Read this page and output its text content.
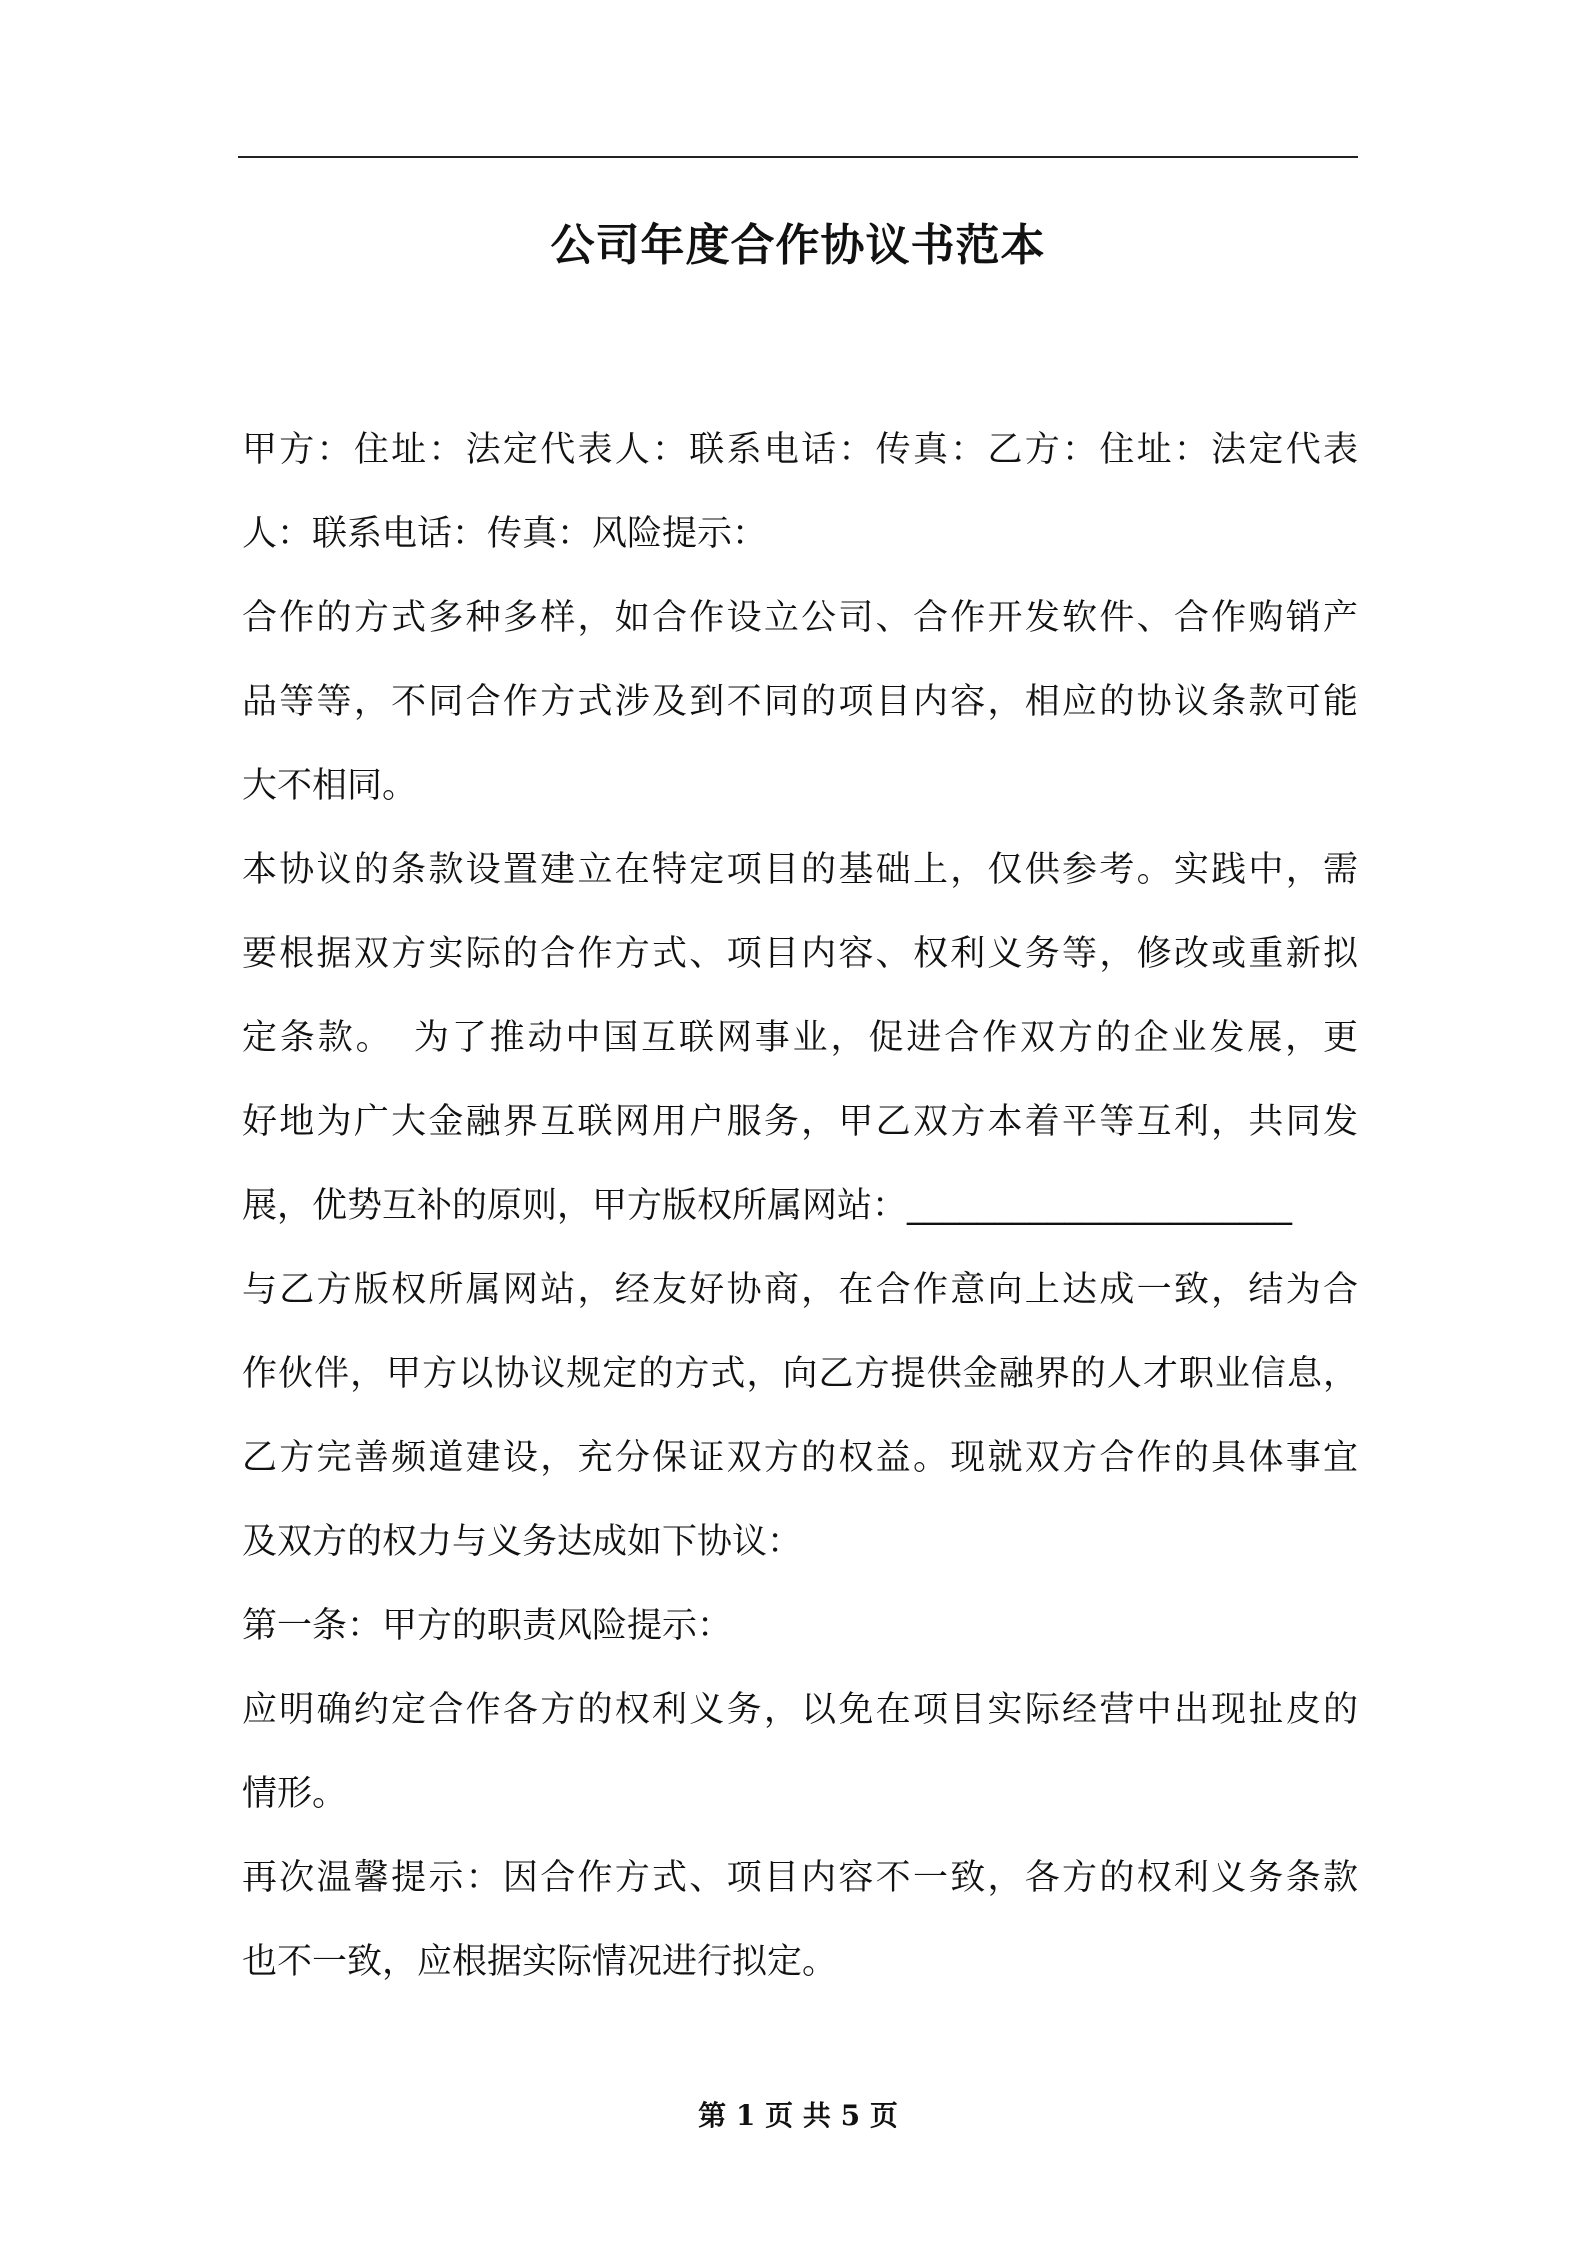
公司年度合作协议书范本
甲方：住址：法定代表人：联系电话：传真：乙方：住址：法定代表
人：联系电话：传真：风险提示：
合作的方式多种多样，如合作设立公司、合作开发软件、合作购销产
品等等，不同合作方式涉及到不同的项目内容，相应的协议条款可能
大不相同。
本协议的条款设置建立在特定项目的基础上，仅供参考。实践中，需
要根据双方实际的合作方式、项目内容、权利义务等，修改或重新拟
定条款。　为了推动中国互联网事业，促进合作双方的企业发展，更
好地为广大金融界互联网用户服务，甲乙双方本着平等互利，共同发
展，优势互补的原则，甲方版权所属网站：______________________
与乙方版权所属网站，经友好协商，在合作意向上达成一致，结为合
作伙伴，甲方以协议规定的方式，向乙方提供金融界的人才职业信息，
乙方完善频道建设，充分保证双方的权益。现就双方合作的具体事宜
及双方的权力与义务达成如下协议：
第一条：甲方的职责风险提示：
应明确约定合作各方的权利义务，以免在项目实际经营中出现扯皮的
情形。
再次温馨提示：因合作方式、项目内容不一致，各方的权利义务条款
也不一致，应根据实际情况进行拟定。
第 1 页 共 5 页
